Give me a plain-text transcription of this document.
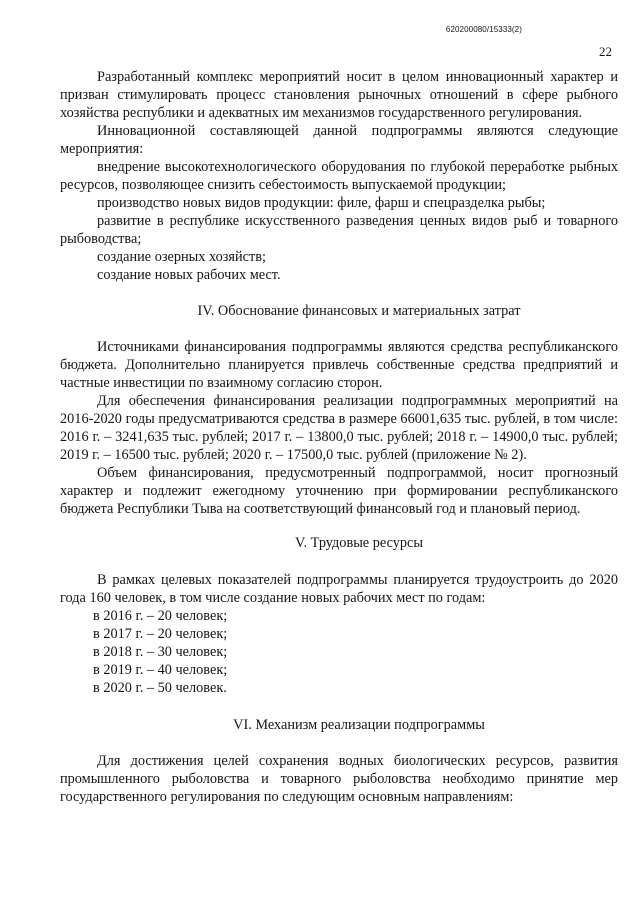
620200080/15333(2)
22

Разработанный комплекс мероприятий носит в целом инновационный характер и призван стимулировать процесс становления рыночных отношений в сфере рыбного хозяйства республики и адекватных им механизмов государственного регулирования.

Инновационной составляющей данной подпрограммы являются следующие мероприятия:

внедрение высокотехнологического оборудования по глубокой переработке рыбных ресурсов, позволяющее снизить себестоимость выпускаемой продукции;

производство новых видов продукции: филе, фарш и спецразделка рыбы;

развитие в республике искусственного разведения ценных видов рыб и товарного рыбоводства;

создание озерных хозяйств;

создание новых рабочих мест.

IV. Обоснование финансовых и материальных затрат

Источниками финансирования подпрограммы являются средства республиканского бюджета. Дополнительно планируется привлечь собственные средства предприятий и частные инвестиции по взаимному согласию сторон.

Для обеспечения финансирования реализации подпрограммных мероприятий на 2016-2020 годы предусматриваются средства в размере 66001,635 тыс. рублей, в том числе: 2016 г. – 3241,635 тыс. рублей; 2017 г. – 13800,0 тыс. рублей; 2018 г. – 14900,0 тыс. рублей; 2019 г. – 16500 тыс. рублей; 2020 г. – 17500,0 тыс. рублей (приложение № 2).

Объем финансирования, предусмотренный подпрограммой, носит прогнозный характер и подлежит ежегодному уточнению при формировании республиканского бюджета Республики Тыва на соответствующий финансовый год и плановый период.

V. Трудовые ресурсы

В рамках целевых показателей подпрограммы планируется трудоустроить до 2020 года 160 человек, в том числе создание новых рабочих мест по годам:

в 2016 г. – 20 человек;

в 2017 г. – 20 человек;

в 2018 г. – 30 человек;

в 2019 г. – 40 человек;

в 2020 г. – 50 человек.

VI. Механизм реализации подпрограммы

Для достижения целей сохранения водных биологических ресурсов, развития промышленного рыболовства и товарного рыболовства необходимо принятие мер государственного регулирования по следующим основным направлениям:
